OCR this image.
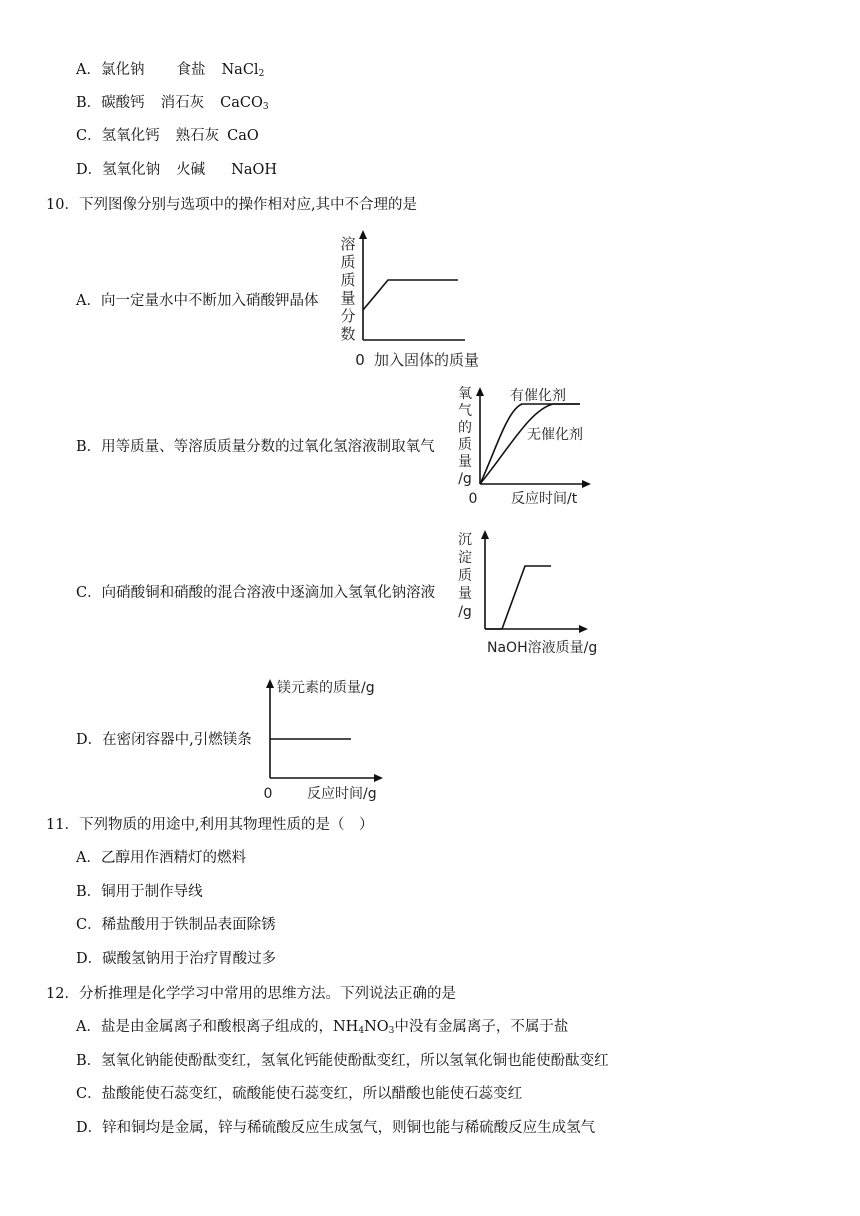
A．氯化钠 食盐 NaCl$_2$
B．碳酸钙 消石灰 CaCO$_3$
C．氢氧化钙 熟石灰 CaO
D．氢氧化钠 火碱 NaOH
10．下列图像分别与选项中的操作相对应,其中不合理的是
A．向一定量水中不断加入硝酸钾晶体
溶
质
质
量
分
数
0 加入固体的质量
B．用等质量、等溶质质量分数的过氧化氢溶液制取氧气
氧
气
的
质
量
/g
有催化剂
无催化剂
0 反应时间/t
C．向硝酸铜和硝酸的混合溶液中逐滴加入氢氧化钠溶液
沉
淀
质
量
/g
NaOH溶液质量/g
D．在密闭容器中,引燃镁条
镁元素的质量/g
0 反应时间/g
11．下列物质的用途中,利用其物理性质的是（　）
A．乙醇用作酒精灯的燃料
B．铜用于制作导线
C．稀盐酸用于铁制品表面除锈
D．碳酸氢钠用于治疗胃酸过多
12．分析推理是化学学习中常用的思维方法。下列说法正确的是
A．盐是由金属离子和酸根离子组成的，$NH_4NO_3$中没有金属离子，不属于盐
B．氢氧化钠能使酚酞变红，氢氧化钙能使酚酞变红，所以氢氧化铜也能使酚酞变红
C．盐酸能使石蕊变红，硫酸能使石蕊变红，所以醋酸也能使石蕊变红
D．锌和铜均是金属，锌与稀硫酸反应生成氢气，则铜也能与稀硫酸反应生成氢气
